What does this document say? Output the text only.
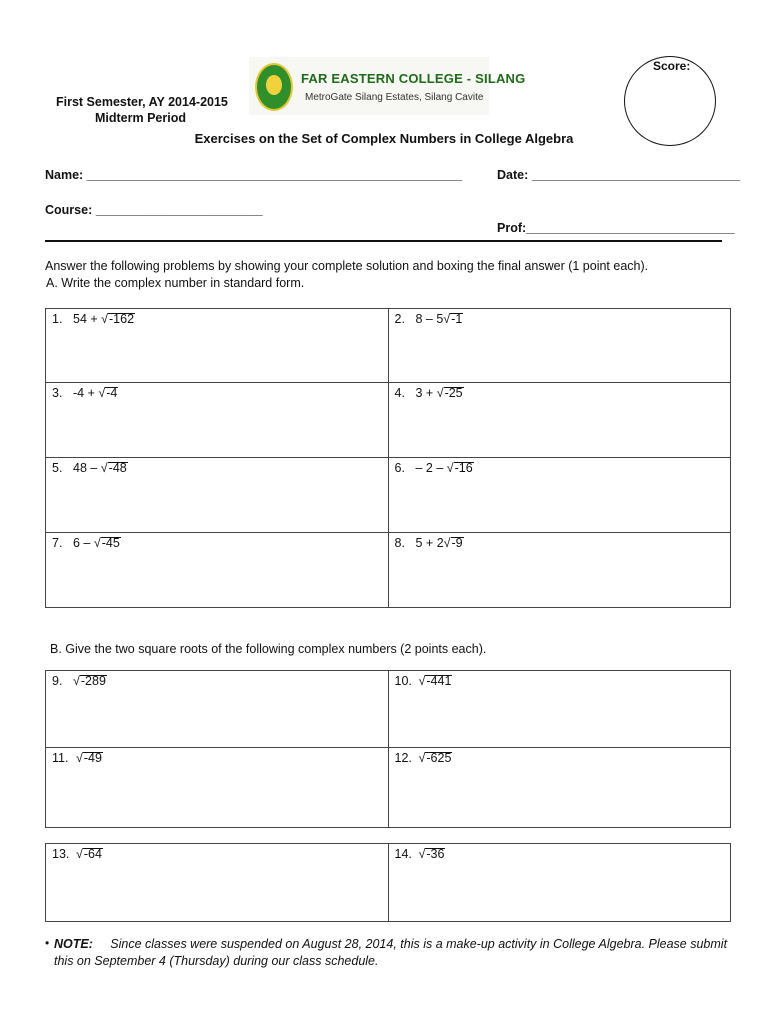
First Semester, AY 2014-2015
Midterm Period
FAR EASTERN COLLEGE - SILANG
MetroGate Silang Estates, Silang Cavite
Score:
Exercises on the Set of Complex Numbers in College Algebra
Name: ______________________________________________________	Date: ______________________________
Course: ________________________
Prof:______________________________
Answer the following problems by showing your complete solution and boxing the final answer (1 point each).
A. Write the complex number in standard form.
1. 54 + √-162	2. 8 – 5√-1
3. -4 + √-4	4. 3 + √-25
5. 48 – √-48	6. – 2 – √-16
7. 6 – √-45	8. 5 + 2√-9
B. Give the two square roots of the following complex numbers (2 points each).
9. √-289	10. √-441
11. √-49	12. √-625
13. √-64	14. √-36
• NOTE: Since classes were suspended on August 28, 2014, this is a make-up activity in College Algebra. Please submit this on September 4 (Thursday) during our class schedule.
